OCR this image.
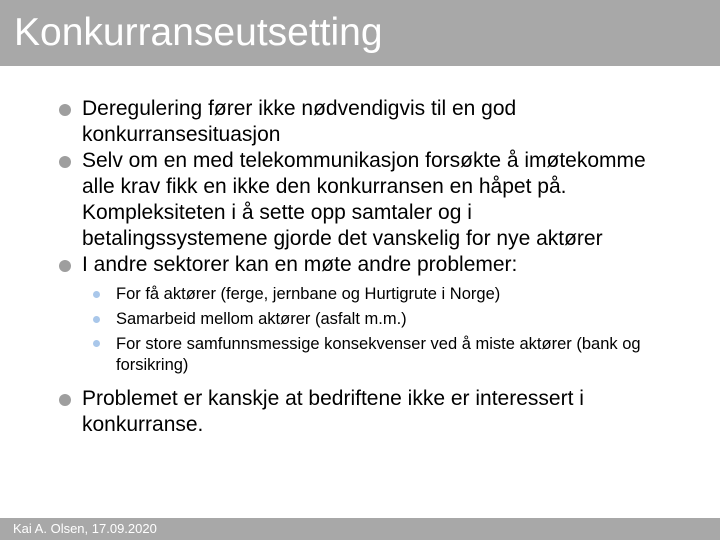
Konkurranseutsetting
Deregulering fører ikke nødvendigvis til en god konkurransesituasjon
Selv om en med telekommunikasjon forsøkte å imøtekomme alle krav fikk en ikke den konkurransen en håpet på. Kompleksiteten i å sette opp samtaler og i betalingssystemene gjorde det vanskelig for nye aktører
I andre sektorer kan en møte andre problemer:
For få aktører (ferge, jernbane og Hurtigrute i Norge)
Samarbeid mellom aktører (asfalt m.m.)
For store samfunnsmessige konsekvenser ved å miste aktører (bank og forsikring)
Problemet er kanskje at bedriftene ikke er interessert i konkurranse.
Kai A. Olsen, 17.09.2020
